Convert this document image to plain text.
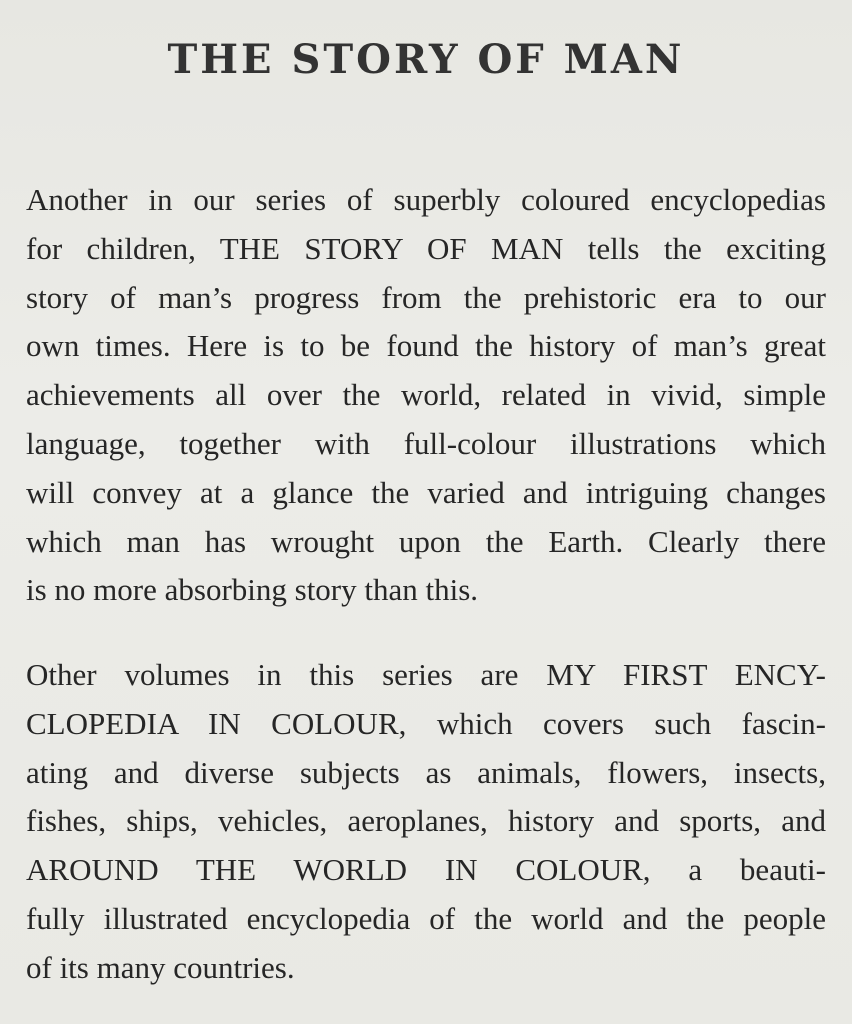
THE STORY OF MAN
Another in our series of superbly coloured encyclopedias
for children, THE STORY OF MAN tells the exciting
story of man’s progress from the prehistoric era to our
own times. Here is to be found the history of man’s great
achievements all over the world, related in vivid, simple
language, together with full-colour illustrations which
will convey at a glance the varied and intriguing changes
which man has wrought upon the Earth. Clearly there
is no more absorbing story than this.
Other volumes in this series are MY FIRST ENCY-
CLOPEDIA IN COLOUR, which covers such fascin-
ating and diverse subjects as animals, flowers, insects,
fishes, ships, vehicles, aeroplanes, history and sports, and
AROUND THE WORLD IN COLOUR, a beauti-
fully illustrated encyclopedia of the world and the people
of its many countries.
